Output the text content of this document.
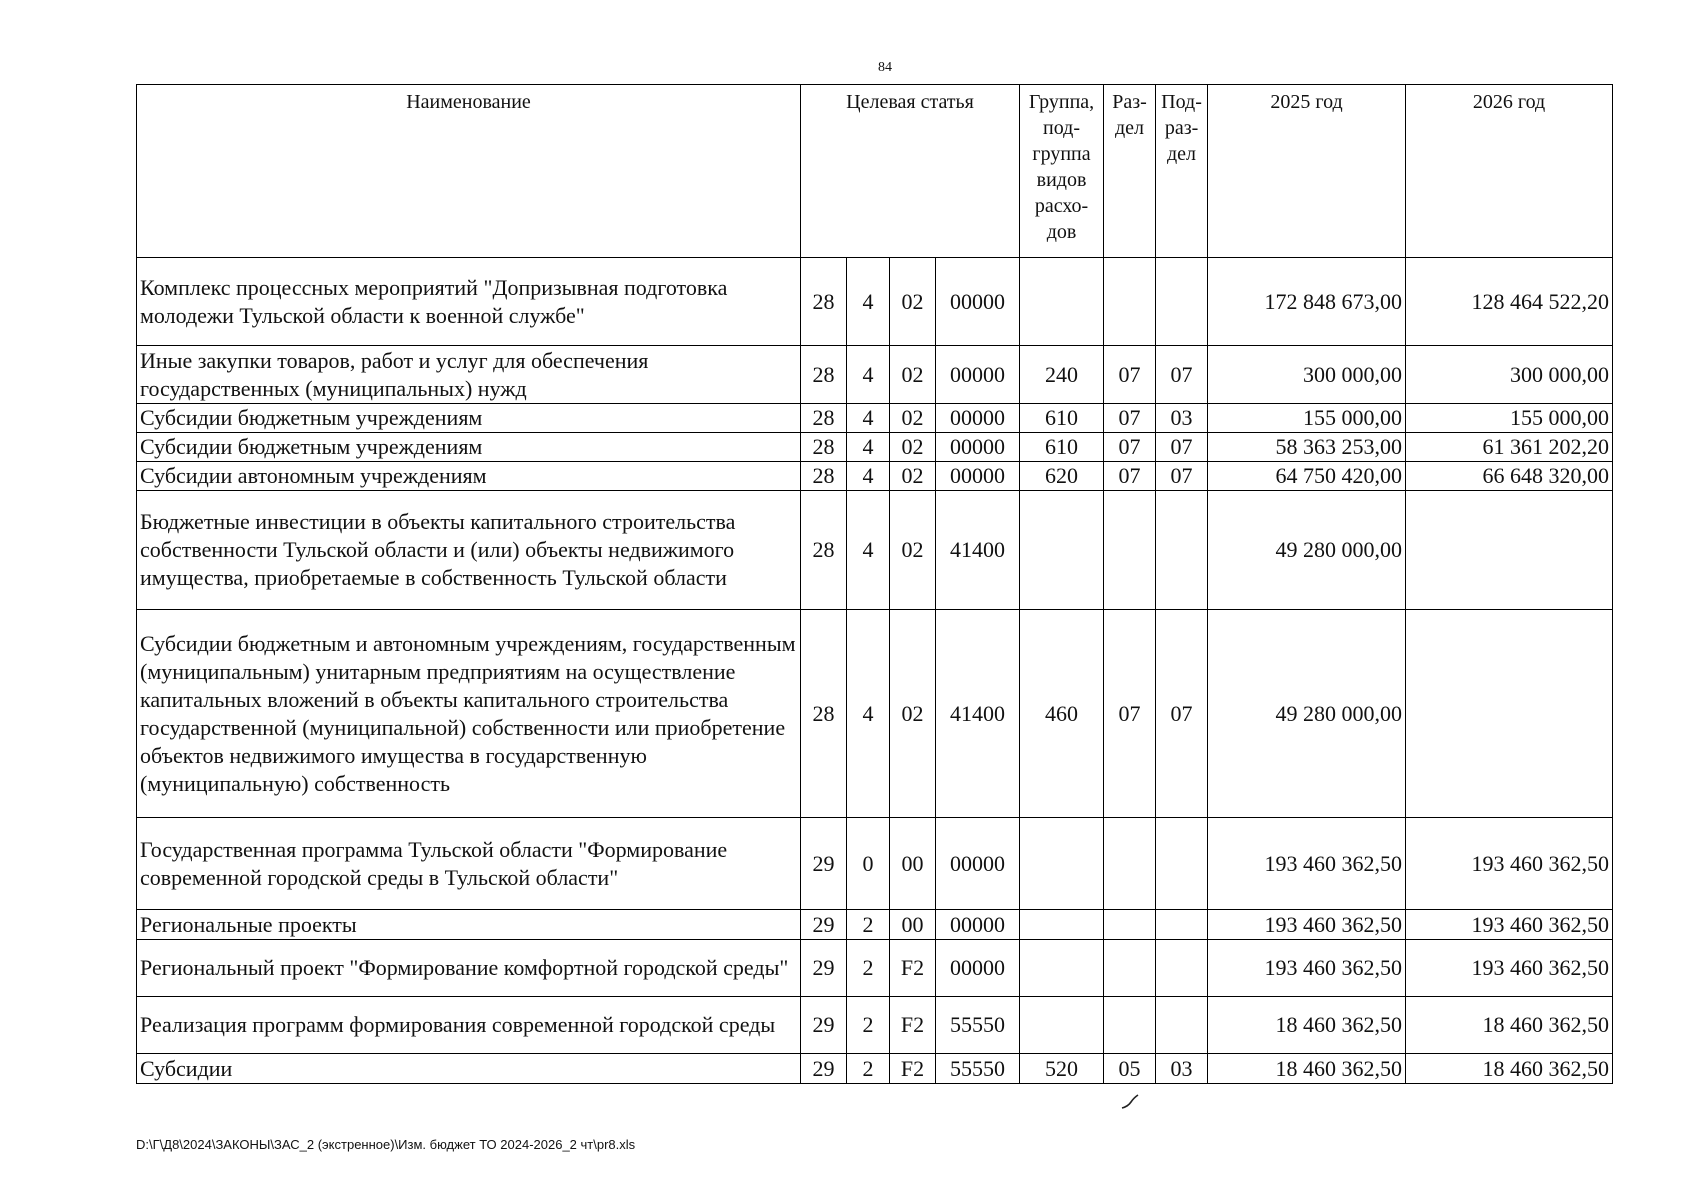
84
Наименование	Целевая статья				Группа, под-группа видов расхо-дов	Раз-дел	Под-раз-дел	2025 год	2026 год
Комплекс процессных мероприятий "Допризывная подготовка молодежи Тульской области к военной службе"	28	4	02	00000				172 848 673,00	128 464 522,20
Иные закупки товаров, работ и услуг для обеспечения государственных (муниципальных) нужд	28	4	02	00000	240	07	07	300 000,00	300 000,00
Субсидии бюджетным учреждениям	28	4	02	00000	610	07	03	155 000,00	155 000,00
Субсидии бюджетным учреждениям	28	4	02	00000	610	07	07	58 363 253,00	61 361 202,20
Субсидии автономным учреждениям	28	4	02	00000	620	07	07	64 750 420,00	66 648 320,00
Бюджетные инвестиции в объекты капитального строительства собственности Тульской области и (или) объекты недвижимого имущества, приобретаемые в собственность Тульской области	28	4	02	41400				49 280 000,00	
Субсидии бюджетным и автономным учреждениям, государственным (муниципальным) унитарным предприятиям на осуществление капитальных вложений в объекты капитального строительства государственной (муниципальной) собственности или приобретение объектов недвижимого имущества в государственную (муниципальную) собственность	28	4	02	41400	460	07	07	49 280 000,00	
Государственная программа Тульской области "Формирование современной городской среды в Тульской области"	29	0	00	00000				193 460 362,50	193 460 362,50
Региональные проекты	29	2	00	00000				193 460 362,50	193 460 362,50
Региональный проект "Формирование комфортной городской среды"	29	2	F2	00000				193 460 362,50	193 460 362,50
Реализация программ формирования современной городской среды	29	2	F2	55550				18 460 362,50	18 460 362,50
Субсидии	29	2	F2	55550	520	05	03	18 460 362,50	18 460 362,50
D:\Г\Д8\2024\ЗАКОНЫ\ЗАС_2 (экстренное)\Изм. бюджет ТО 2024-2026_2 чт\pr8.xls
